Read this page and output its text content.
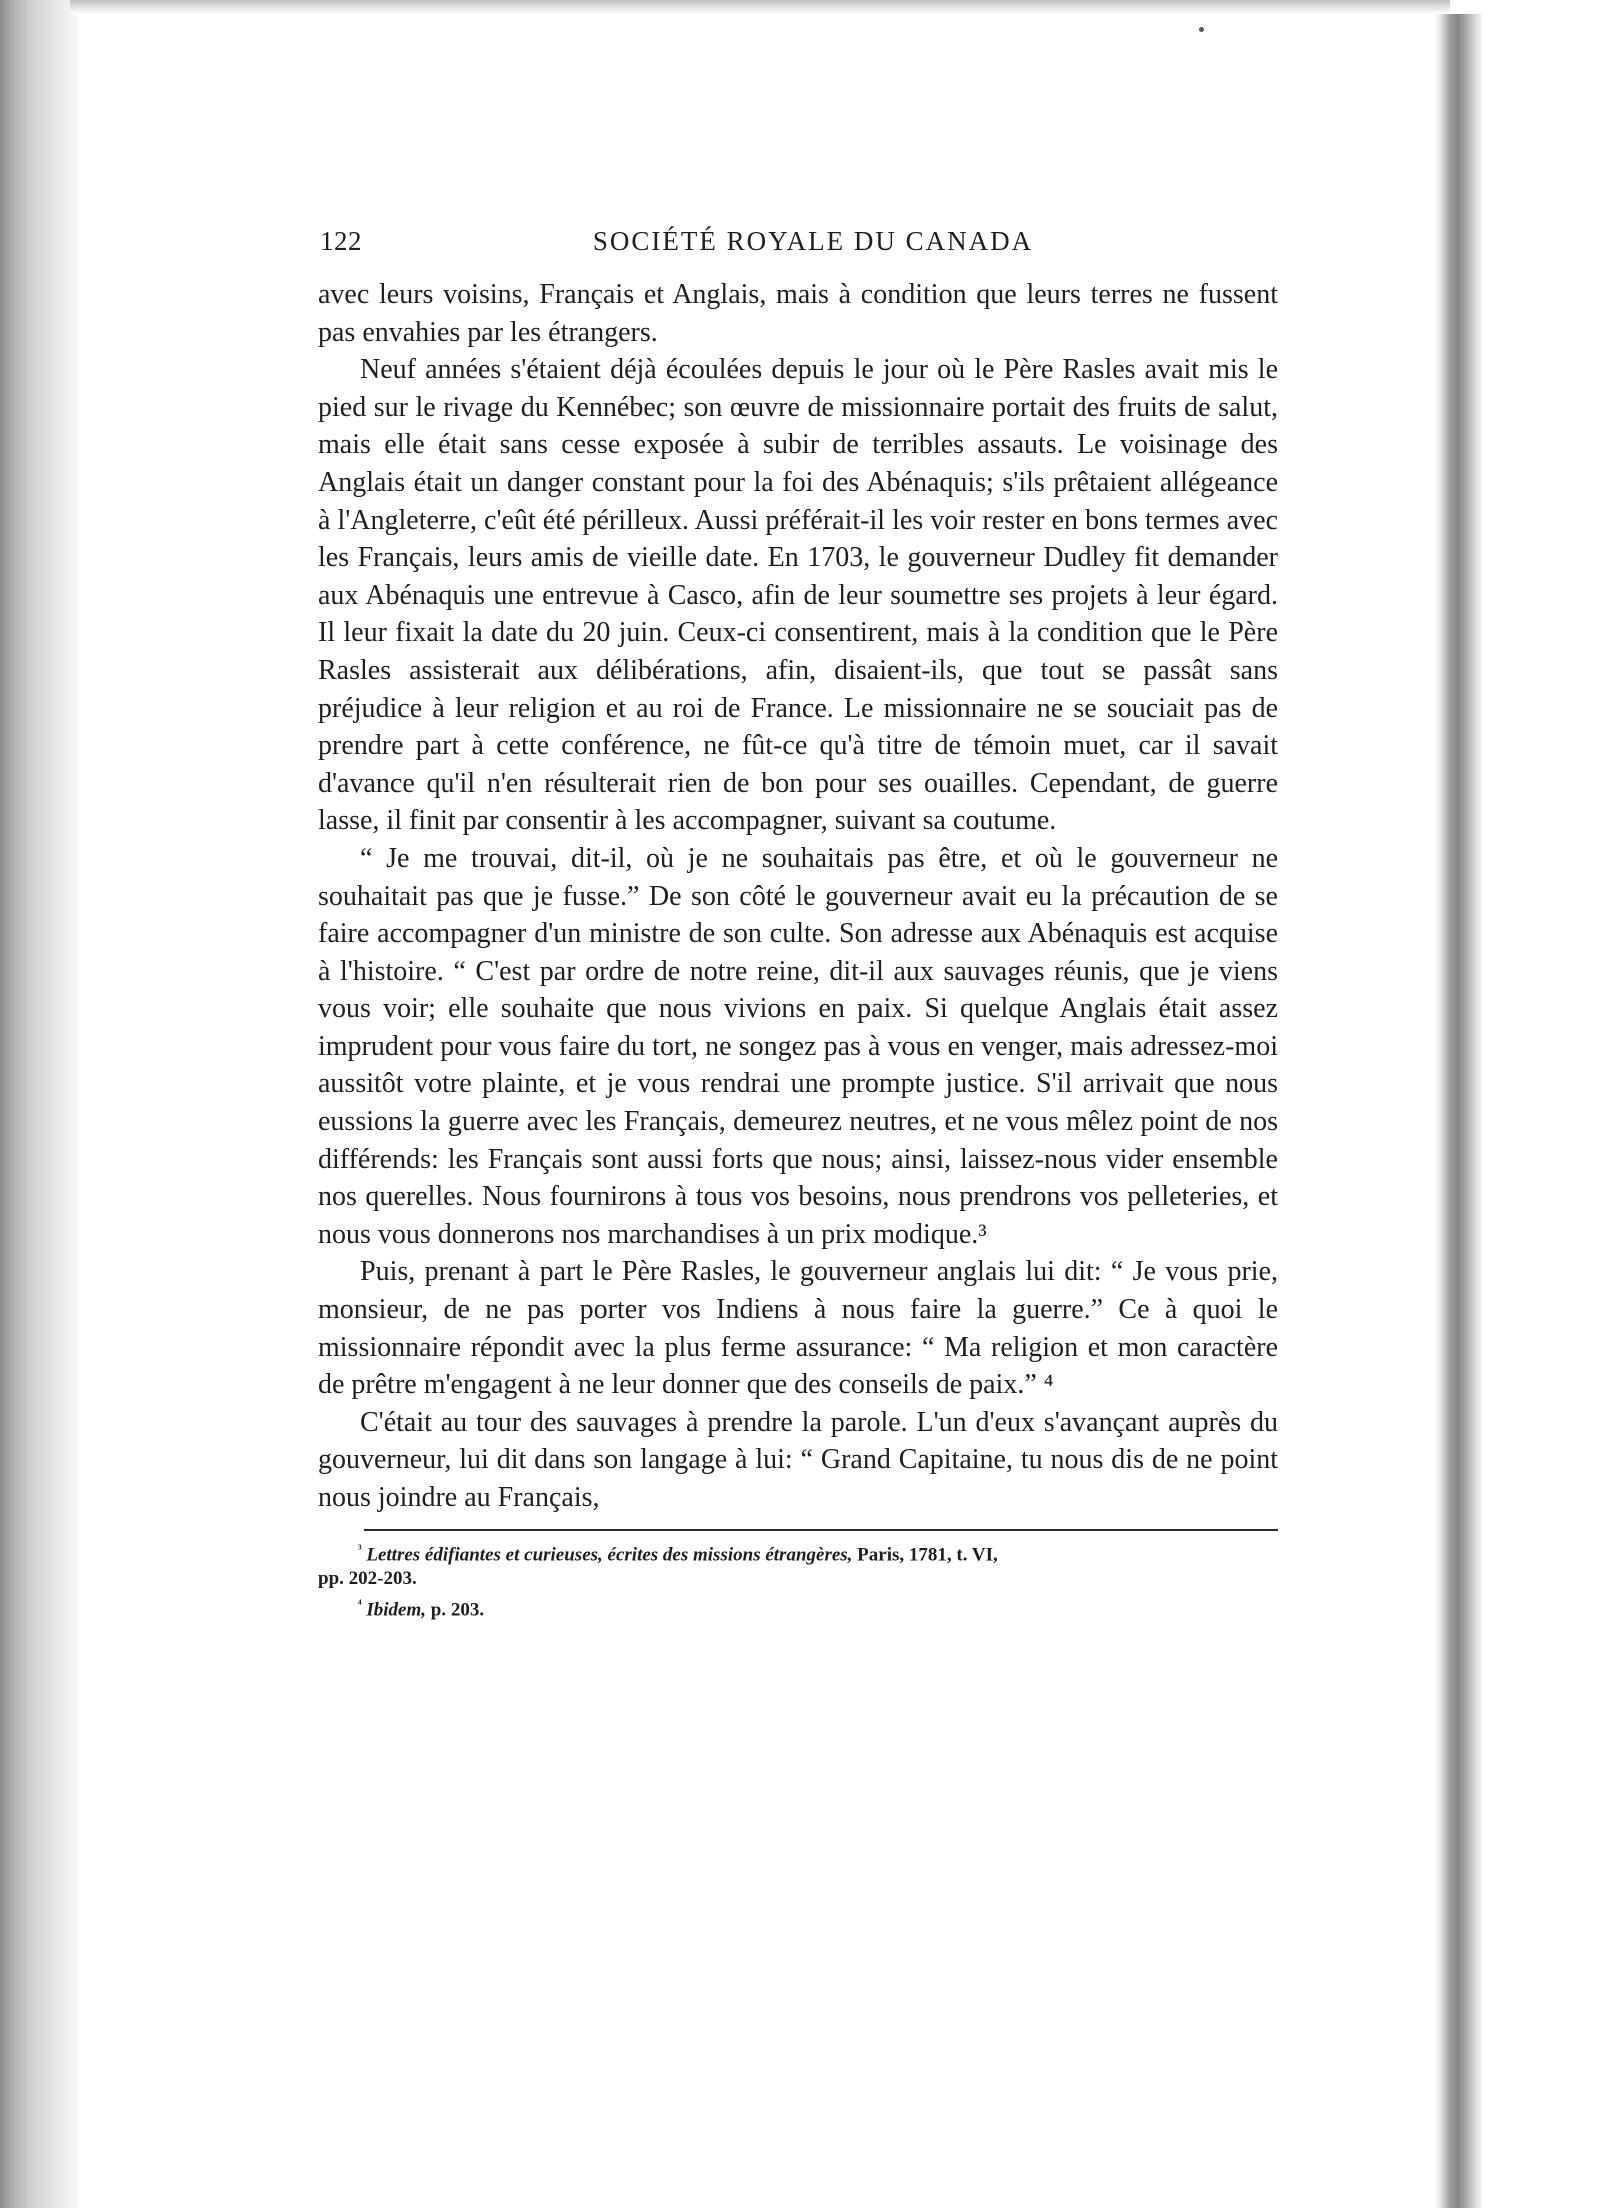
122	SOCIÉTÉ ROYALE DU CANADA

avec leurs voisins, Français et Anglais, mais à condition que leurs terres ne fussent pas envahies par les étrangers.

Neuf années s'étaient déjà écoulées depuis le jour où le Père Rasles avait mis le pied sur le rivage du Kennébec; son œuvre de missionnaire portait des fruits de salut, mais elle était sans cesse exposée à subir de terribles assauts. Le voisinage des Anglais était un danger constant pour la foi des Abénaquis; s'ils prêtaient allégeance à l'Angleterre, c'eût été périlleux. Aussi préférait-il les voir rester en bons termes avec les Français, leurs amis de vieille date. En 1703, le gouverneur Dudley fit demander aux Abénaquis une entrevue à Casco, afin de leur soumettre ses projets à leur égard. Il leur fixait la date du 20 juin. Ceux-ci consentirent, mais à la condition que le Père Rasles assisterait aux délibérations, afin, disaient-ils, que tout se passât sans préjudice à leur religion et au roi de France. Le missionnaire ne se souciait pas de prendre part à cette conférence, ne fût-ce qu'à titre de témoin muet, car il savait d'avance qu'il n'en résulterait rien de bon pour ses ouailles. Cependant, de guerre lasse, il finit par consentir à les accompagner, suivant sa coutume.

“ Je me trouvai, dit-il, où je ne souhaitais pas être, et où le gouverneur ne souhaitait pas que je fusse.” De son côté le gouverneur avait eu la précaution de se faire accompagner d'un ministre de son culte. Son adresse aux Abénaquis est acquise à l'histoire. “ C'est par ordre de notre reine, dit-il aux sauvages réunis, que je viens vous voir; elle souhaite que nous vivions en paix. Si quelque Anglais était assez imprudent pour vous faire du tort, ne songez pas à vous en venger, mais adressez-moi aussitôt votre plainte, et je vous rendrai une prompte justice. S'il arrivait que nous eussions la guerre avec les Français, demeurez neutres, et ne vous mêlez point de nos différends: les Français sont aussi forts que nous; ainsi, laissez-nous vider ensemble nos querelles. Nous fournirons à tous vos besoins, nous prendrons vos pelleteries, et nous vous donnerons nos marchandises à un prix modique.³

Puis, prenant à part le Père Rasles, le gouverneur anglais lui dit: “ Je vous prie, monsieur, de ne pas porter vos Indiens à nous faire la guerre.” Ce à quoi le missionnaire répondit avec la plus ferme assurance: “ Ma religion et mon caractère de prêtre m'engagent à ne leur donner que des conseils de paix.” ⁴

C'était au tour des sauvages à prendre la parole. L'un d'eux s'avançant auprès du gouverneur, lui dit dans son langage à lui: “ Grand Capitaine, tu nous dis de ne point nous joindre au Français,

$^{^3}$ Lettres édifiantes et curieuses, écrites des missions étrangères, Paris, 1781, t. VI,

pp. 202-203.

$^{^4}$ Ibidem, p. 203.
